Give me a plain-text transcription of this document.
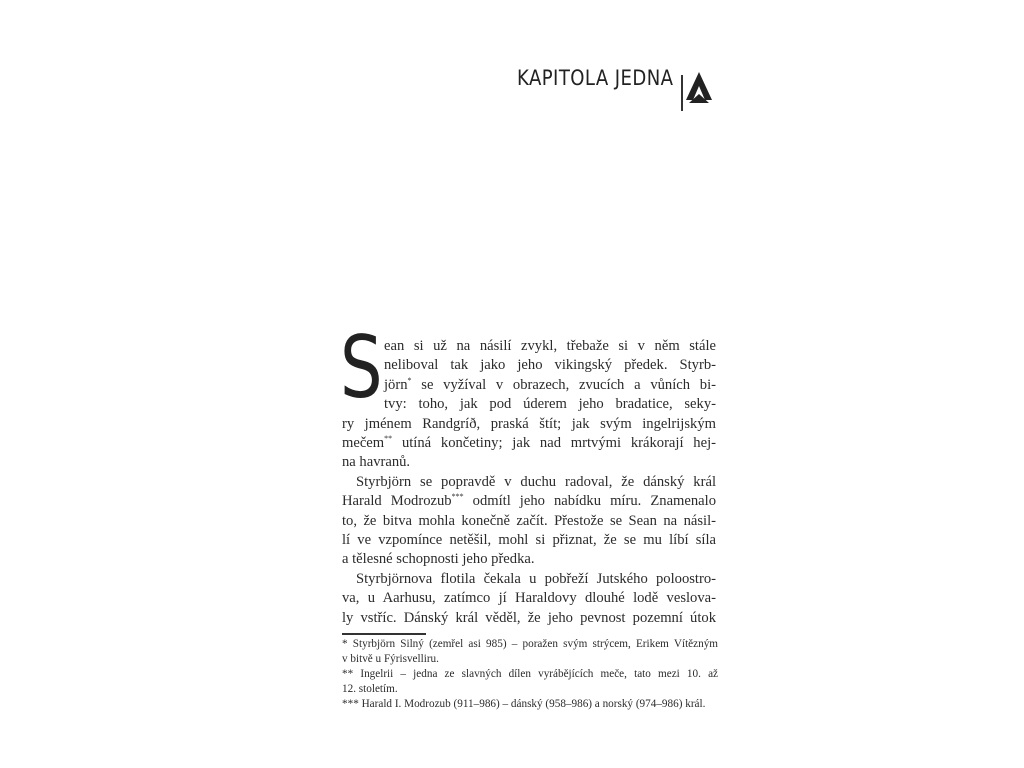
KAPITOLA JEDNA
S ean si už na násilí zvykl, třebaže si v něm stále
neliboval tak jako jeho vikingský předek. Styrb-
jörn* se vyžíval v obrazech, zvucích a vůních bi-
tvy: toho, jak pod úderem jeho bradatice, seky-
ry jménem Randgríð, praská štít; jak svým ingelrijským
mečem** utíná končetiny; jak nad mrtvými krákorají hej-
na havranů.
Styrbjörn se popravdě v duchu radoval, že dánský král
Harald Modrozub*** odmítl jeho nabídku míru. Znamenalo
to, že bitva mohla konečně začít. Přestože se Sean na násil-
lí ve vzpomínce netěšil, mohl si přiznat, že se mu líbí síla
a tělesné schopnosti jeho předka.
Styrbjörnova flotila čekala u pobřeží Jutského poloostro-
va, u Aarhusu, zatímco jí Haraldovy dlouhé lodě veslova-
ly vstříc. Dánský král věděl, že jeho pevnost pozemní útok
* Styrbjörn Silný (zemřel asi 985) – poražen svým strýcem, Erikem Vítězným
v bitvě u Fýrisvelliru.
** Ingelrii – jedna ze slavných dílen vyrábějících meče, tato mezi 10. až
12. stoletím.
*** Harald I. Modrozub (911–986) – dánský (958–986) a norský (974–986) král.
